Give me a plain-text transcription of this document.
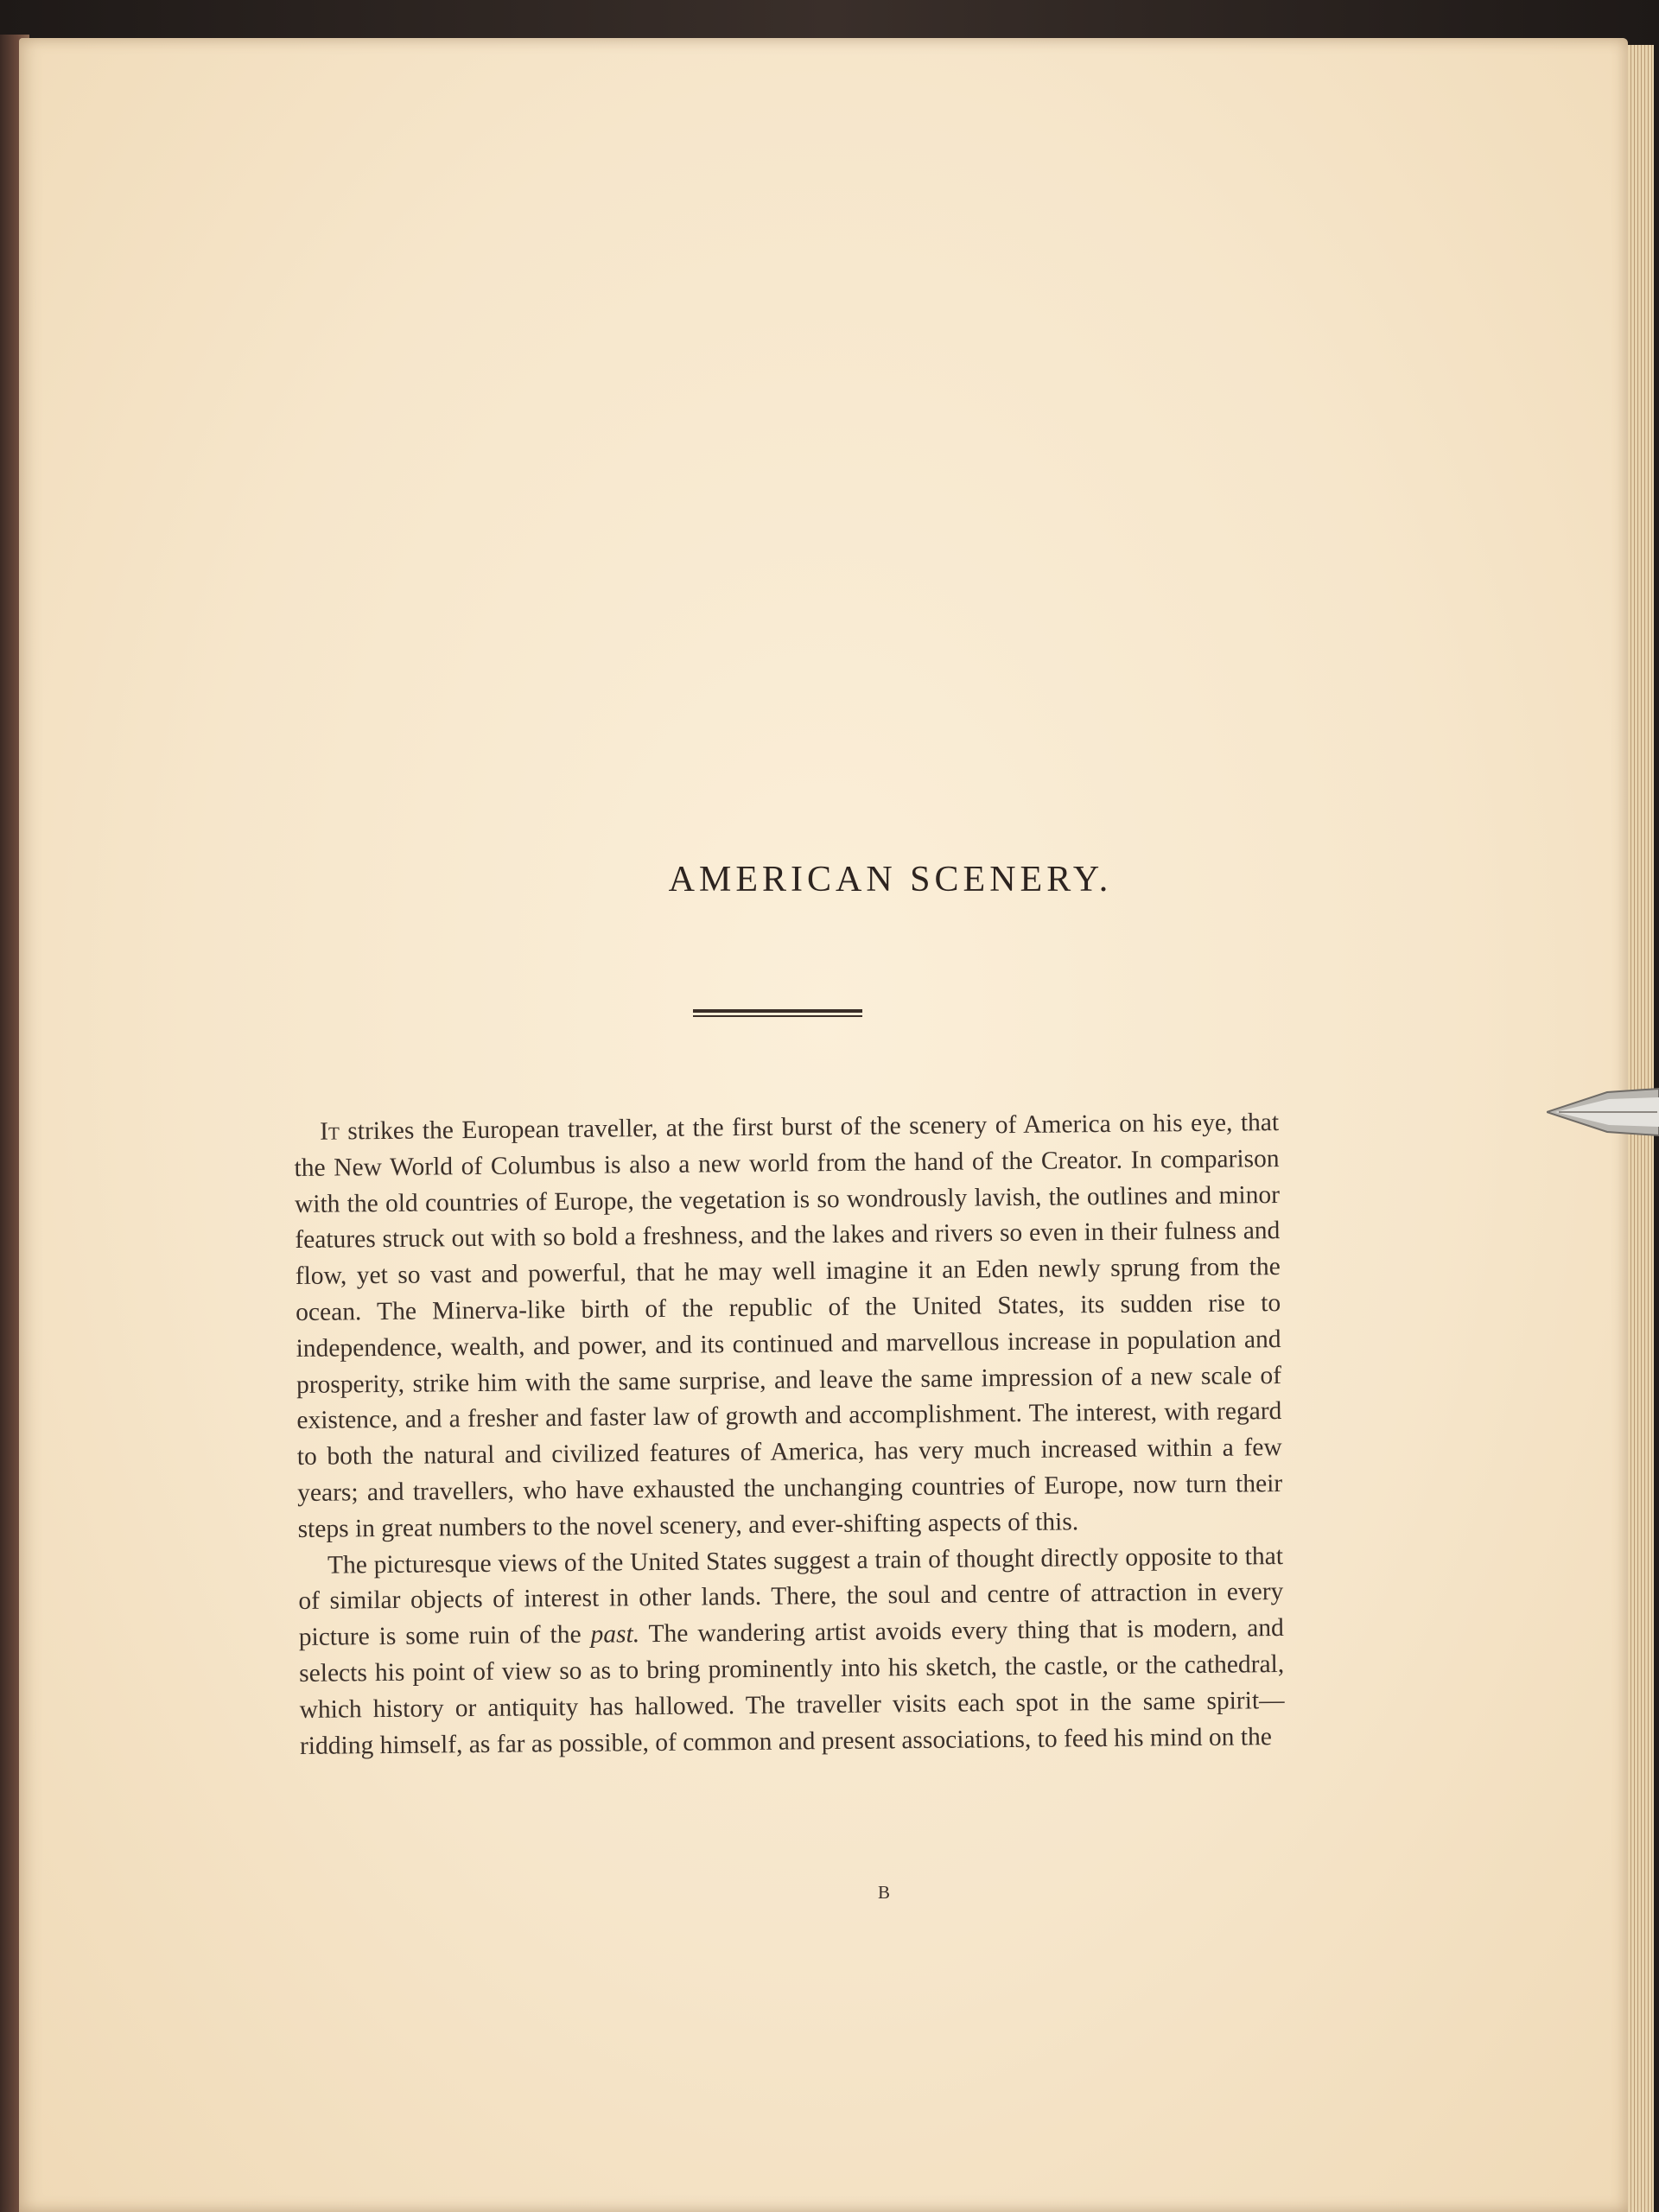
AMERICAN SCENERY.

It strikes the European traveller, at the first burst of the scenery of America on his eye, that the New World of Columbus is also a new world from the hand of the Creator. In comparison with the old countries of Europe, the vegetation is so wondrously lavish, the outlines and minor features struck out with so bold a freshness, and the lakes and rivers so even in their fulness and flow, yet so vast and powerful, that he may well imagine it an Eden newly sprung from the ocean. The Minerva-like birth of the republic of the United States, its sudden rise to independence, wealth, and power, and its continued and marvellous increase in population and prosperity, strike him with the same surprise, and leave the same impression of a new scale of existence, and a fresher and faster law of growth and accomplishment. The interest, with regard to both the natural and civilized features of America, has very much increased within a few years; and travellers, who have exhausted the unchanging countries of Europe, now turn their steps in great numbers to the novel scenery, and ever-shifting aspects of this.

The picturesque views of the United States suggest a train of thought directly opposite to that of similar objects of interest in other lands. There, the soul and centre of attraction in every picture is some ruin of the past. The wandering artist avoids every thing that is modern, and selects his point of view so as to bring prominently into his sketch, the castle, or the cathedral, which history or antiquity has hallowed. The traveller visits each spot in the same spirit—ridding himself, as far as possible, of common and present associations, to feed his mind on the

B
